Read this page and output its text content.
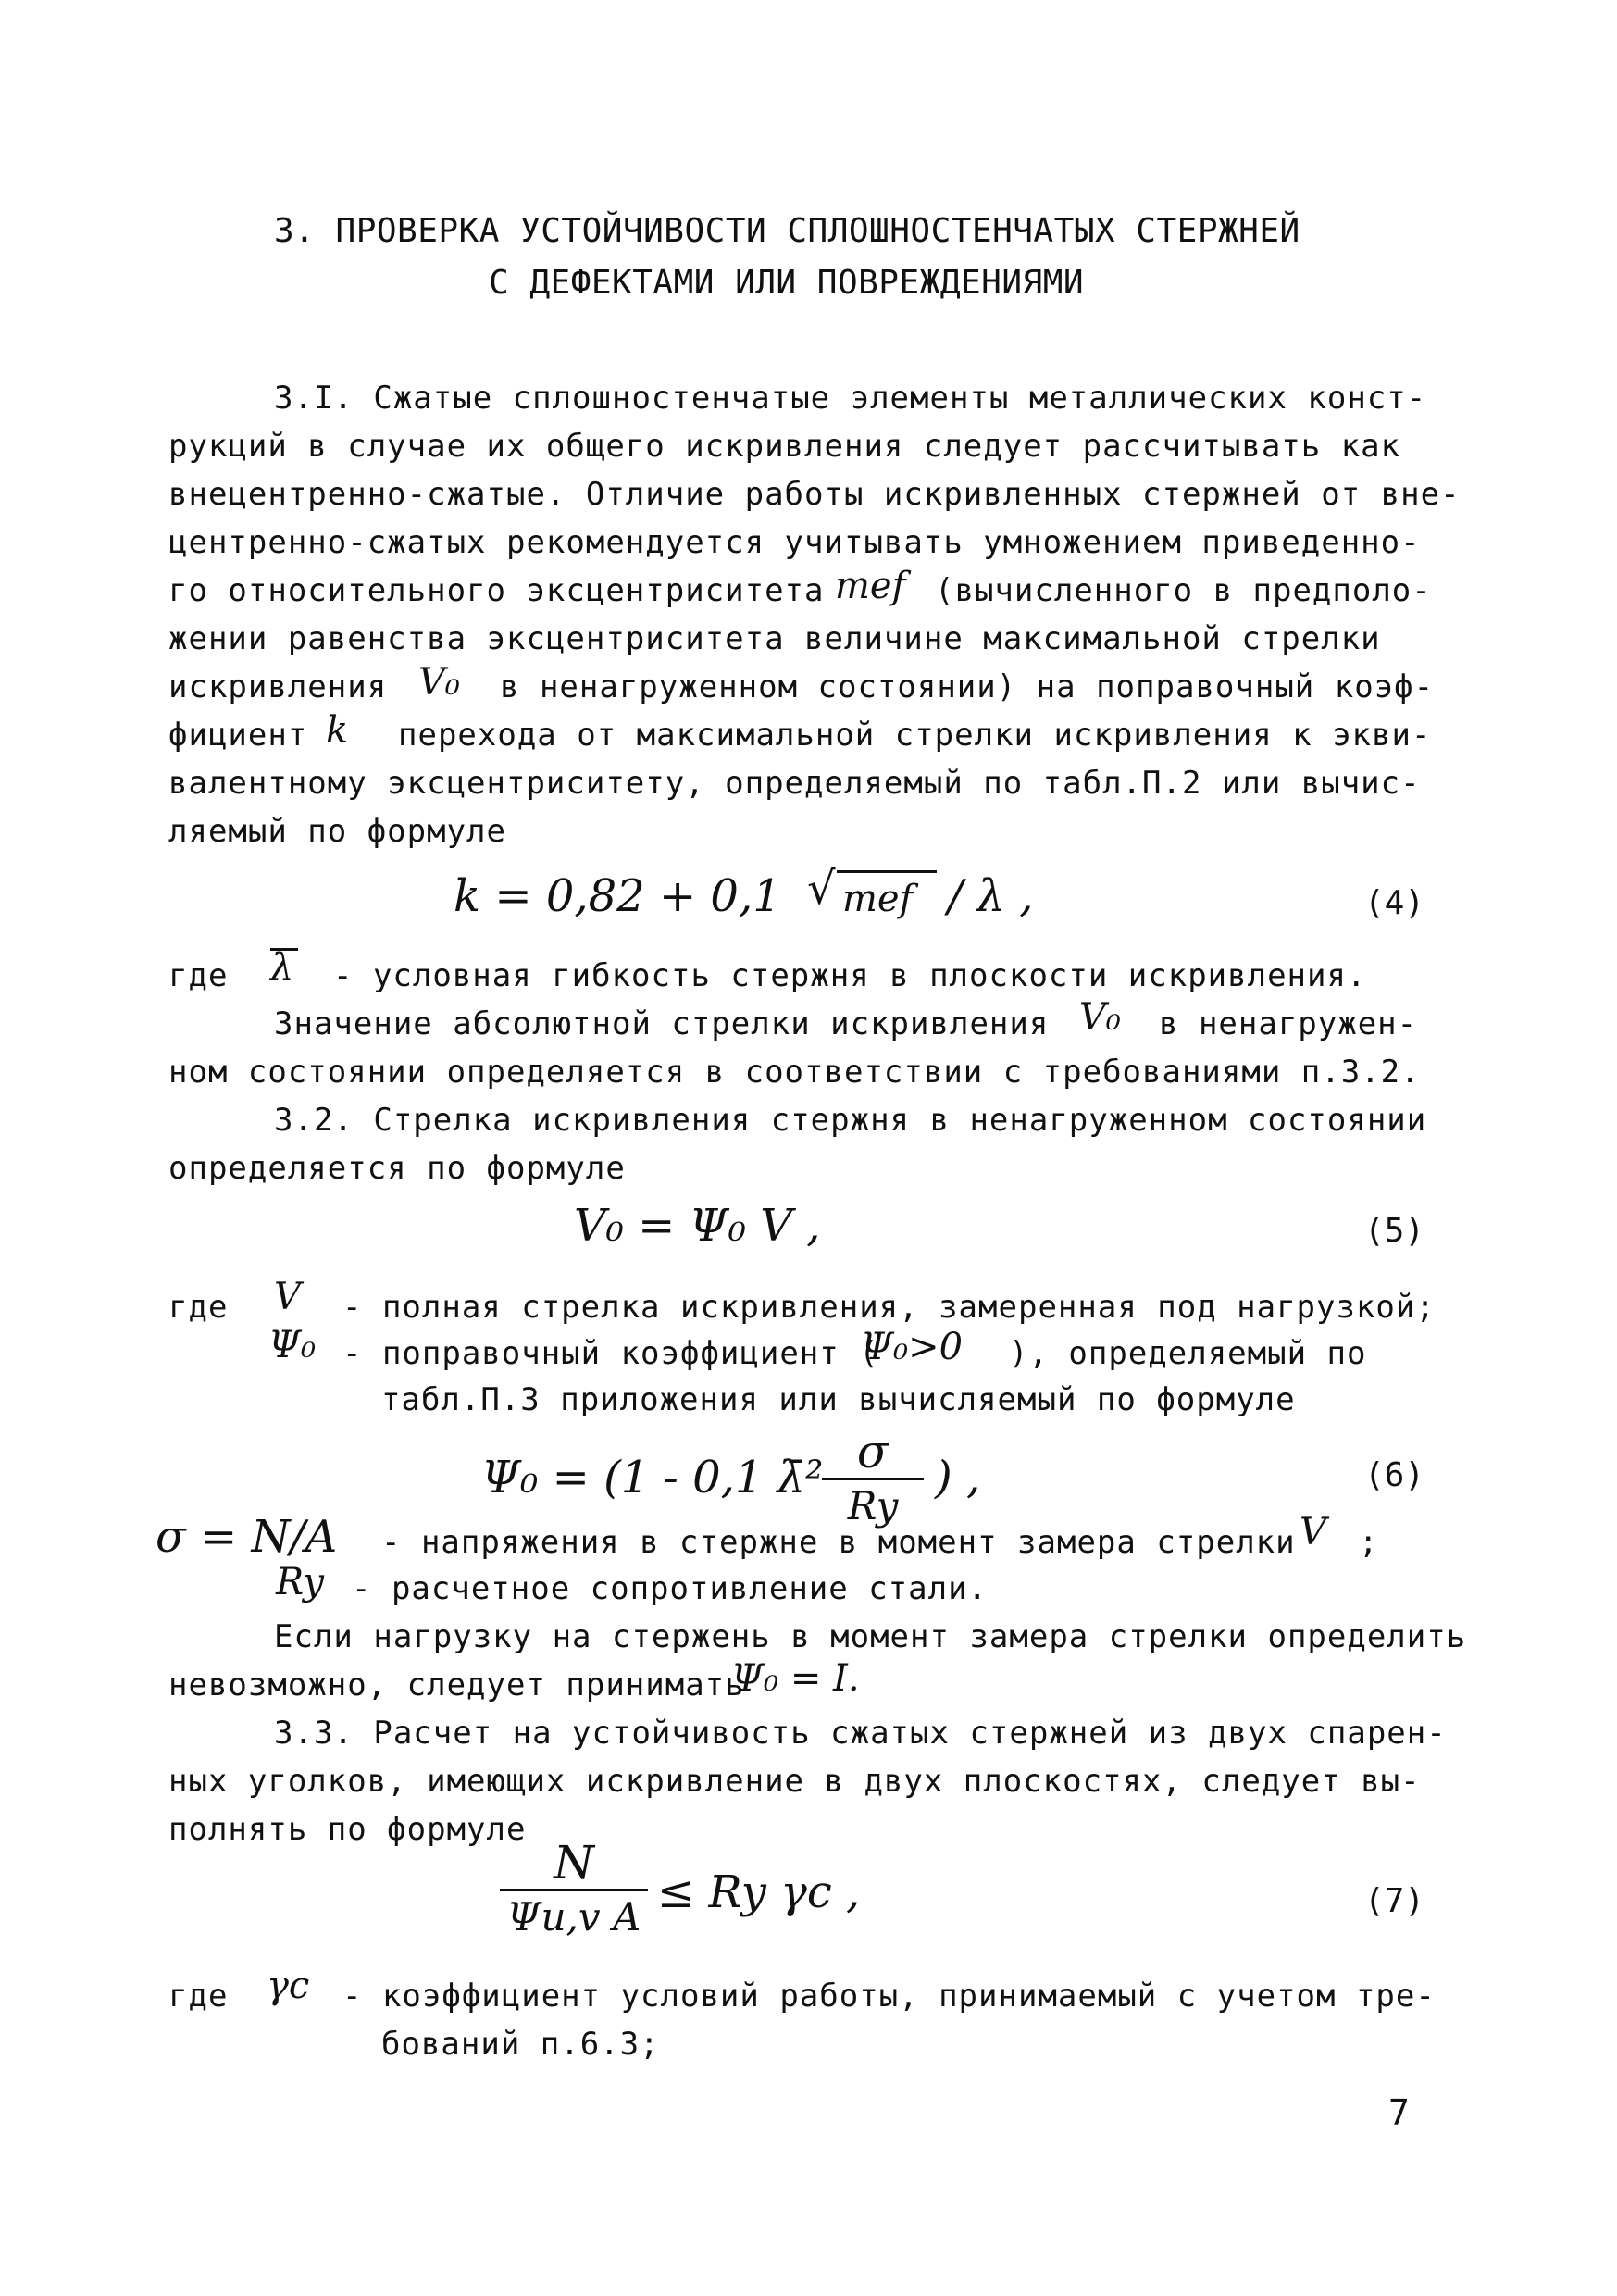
3. ПРОВЕРКА УСТОЙЧИВОСТИ СПЛОШНОСТЕНЧАТЫХ СТЕРЖНЕЙ
С ДЕФЕКТАМИ ИЛИ ПОВРЕЖДЕНИЯМИ
3.I. Сжатые сплошностенчатые элементы металлических конст-
рукций в случае их общего искривления следует рассчитывать как
внецентренно-сжатые. Отличие работы искривленных стержней от вне-
центренно-сжатых рекомендуется учитывать умножением приведенно-
го относительного эксцентриситета mef (вычисленного в предполо-
жении равенства эксцентриситета величине максимальной стрелки
искривления V₀ в ненагруженном состоянии) на поправочный коэф-
фициент k перехода от максимальной стрелки искривления к экви-
валентному эксцентриситету, определяемый по табл.П.2 или вычис-
ляемый по формуле
k = 0,82 + 0,1 √ mef / λ ,	(4)
где λ - условная гибкость стержня в плоскости искривления.
Значение абсолютной стрелки искривления V₀ в ненагружен-
ном состоянии определяется в соответствии с требованиями п.3.2.
3.2. Стрелка искривления стержня в ненагруженном состоянии
определяется по формуле
V₀ = Ψ₀ V ,	(5)
где V - полная стрелка искривления, замеренная под нагрузкой;
Ψ₀ - поправочный коэффициент (
Ψ₀>0 ), определяемый по
табл.П.3 приложения или вычисляемый по формуле
Ψ₀ = (1 - 0,1 λ̄² σ
Ry
) ,	(6)
σ = N/A - напряжения в стержне в момент замера стрелки V ;
Ry - расчетное сопротивление стали.
Если нагрузку на стержень в момент замера стрелки определить
невозможно, следует принимать
Ψ₀ = I.
3.3. Расчет на устойчивость сжатых стержней из двух спарен-
ных уголков, имеющих искривление в двух плоскостях, следует вы-
полнять по формуле
N
Ψu,v A ≤ Ry γc ,	(7)
где γc - коэффициент условий работы, принимаемый с учетом тре-
бований п.6.3;
7
